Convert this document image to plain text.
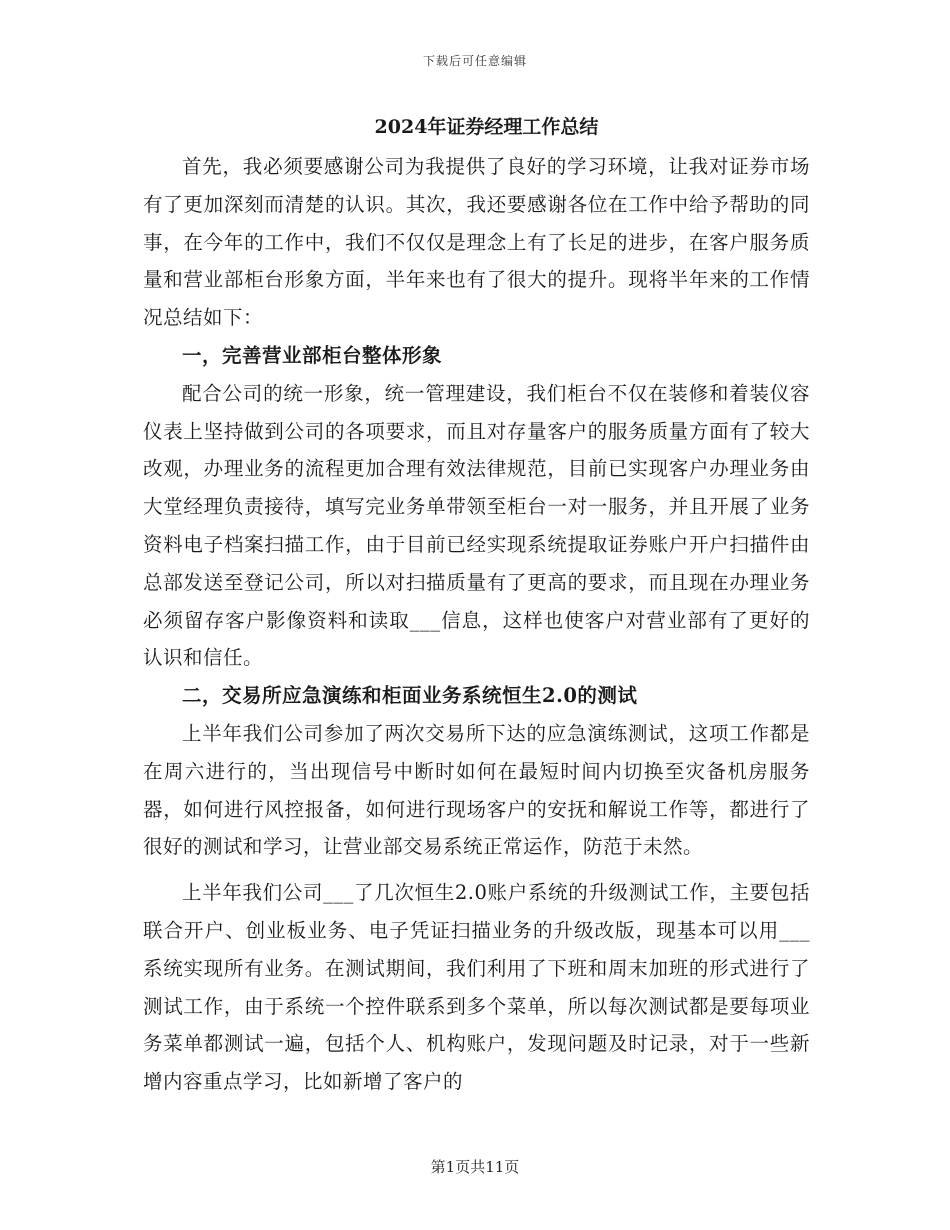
下载后可任意编辑
2024年证券经理工作总结

首先，我必须要感谢公司为我提供了良好的学习环境，让我对证券市场有了更加深刻而清楚的认识。其次，我还要感谢各位在工作中给予帮助的同事，在今年的工作中，我们不仅仅是理念上有了长足的进步，在客户服务质量和营业部柜台形象方面，半年来也有了很大的提升。现将半年来的工作情况总结如下：

一，完善营业部柜台整体形象

配合公司的统一形象，统一管理建设，我们柜台不仅在装修和着装仪容仪表上坚持做到公司的各项要求，而且对存量客户的服务质量方面有了较大改观，办理业务的流程更加合理有效法律规范，目前已实现客户办理业务由大堂经理负责接待，填写完业务单带领至柜台一对一服务，并且开展了业务资料电子档案扫描工作，由于目前已经实现系统提取证券账户开户扫描件由总部发送至登记公司，所以对扫描质量有了更高的要求，而且现在办理业务必须留存客户影像资料和读取___信息，这样也使客户对营业部有了更好的认识和信任。

二，交易所应急演练和柜面业务系统恒生2.0的测试

上半年我们公司参加了两次交易所下达的应急演练测试，这项工作都是在周六进行的，当出现信号中断时如何在最短时间内切换至灾备机房服务器，如何进行风控报备，如何进行现场客户的安抚和解说工作等，都进行了很好的测试和学习，让营业部交易系统正常运作，防范于未然。

上半年我们公司___了几次恒生2.0账户系统的升级测试工作，主要包括联合开户、创业板业务、电子凭证扫描业务的升级改版，现基本可以用___系统实现所有业务。在测试期间，我们利用了下班和周末加班的形式进行了测试工作，由于系统一个控件联系到多个菜单，所以每次测试都是要每项业务菜单都测试一遍，包括个人、机构账户，发现问题及时记录，对于一些新增内容重点学习，比如新增了客户的

第1页共11页
